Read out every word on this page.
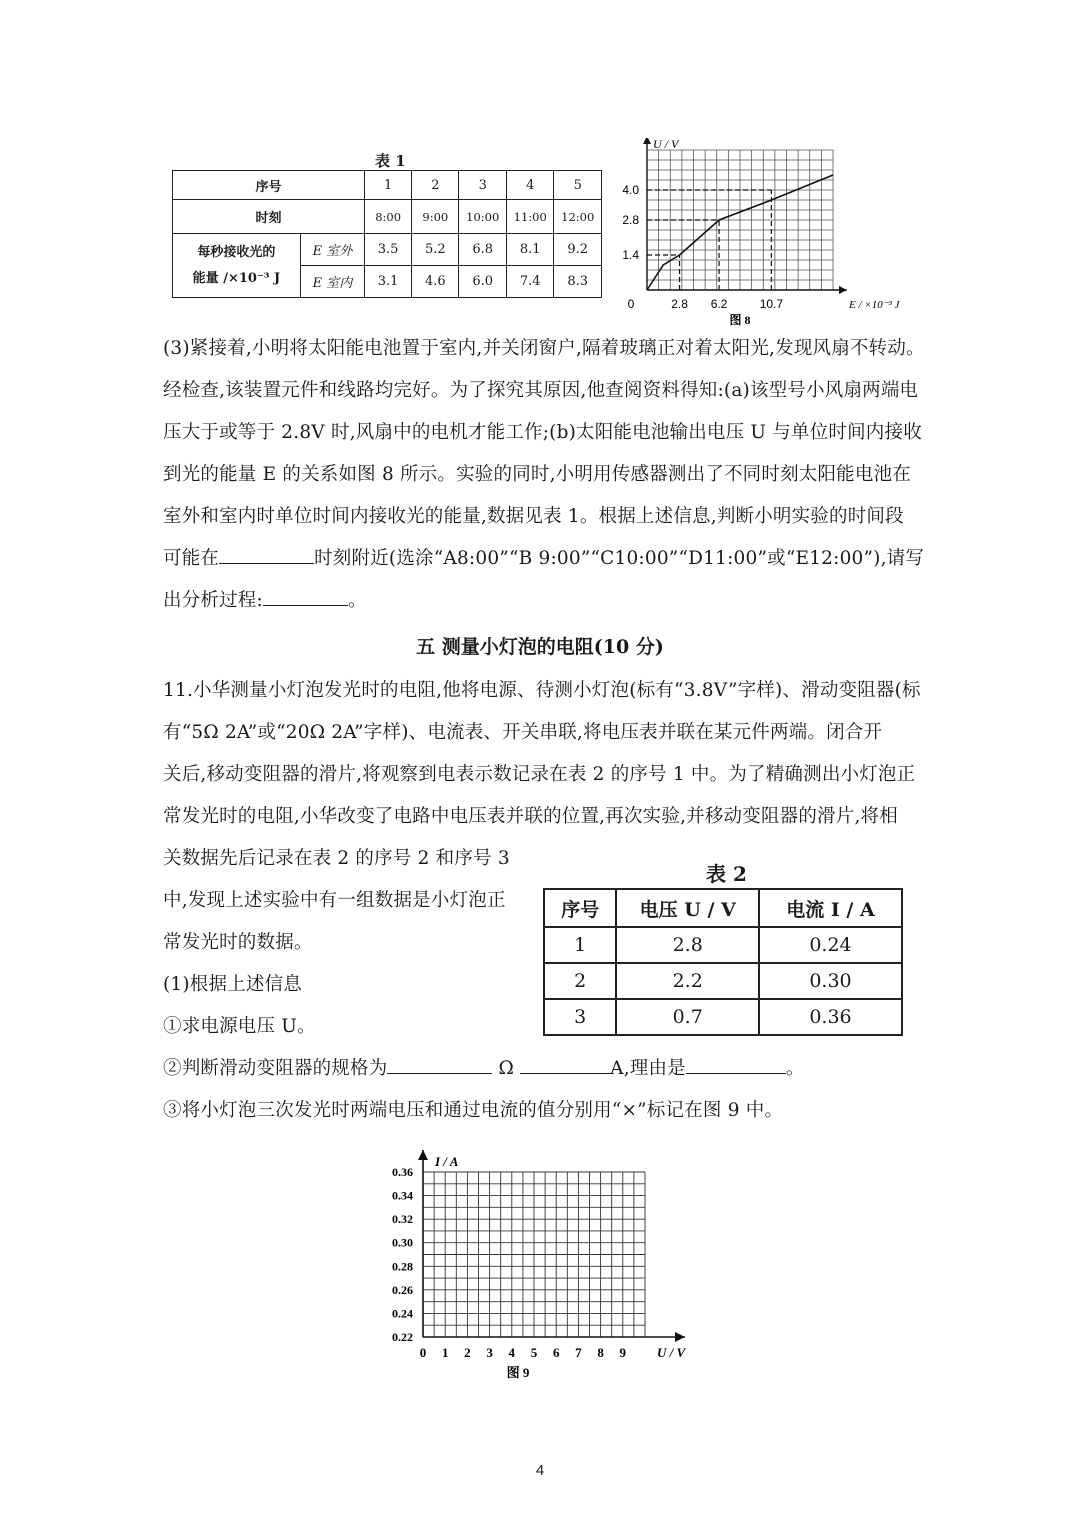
表 1
序号		1	2	3	4	5
时刻		8:00	9:00	10:00	11:00	12:00

每秒接收光的
能量 /×10⁻³ J	E 室外	3.5	5.2	6.8	8.1	9.2
	E 室内	3.1	4.6	6.0	7.4	8.3
2.8 6.2	10.7
1.4
2.8
4.0
0
U / V
E / ×10⁻³ J
图 8
(3)紧接着,小明将太阳能电池置于室内,并关闭窗户,隔着玻璃正对着太阳光,发现风扇不转动。
经检查,该装置元件和线路均完好。为了探究其原因,他查阅资料得知:(a)该型号小风扇两端电
压大于或等于 2.8V 时,风扇中的电机才能工作;(b)太阳能电池输出电压 U 与单位时间内接收
到光的能量 E 的关系如图 8 所示。实验的同时,小明用传感器测出了不同时刻太阳能电池在
室外和室内时单位时间内接收光的能量,数据见表 1。根据上述信息,判断小明实验的时间段
可能在	时刻附近(选涂“A8:00”“B 9:00”“C10:00”“D11:00”或“E12:00”),请写
出分析过程:	。
五 测量小灯泡的电阻(10 分)
11.小华测量小灯泡发光时的电阻,他将电源、待测小灯泡(标有“3.8V”字样)、滑动变阻器(标
有“5Ω 2A”或“20Ω 2A”字样)、电流表、开关串联,将电压表并联在某元件两端。闭合开
关后,移动变阻器的滑片,将观察到电表示数记录在表 2 的序号 1 中。为了精确测出小灯泡正
常发光时的电阻,小华改变了电路中电压表并联的位置,再次实验,并移动变阻器的滑片,将相
关数据先后记录在表 2 的序号 2 和序号 3
中,发现上述实验中有一组数据是小灯泡正
常发光时的数据。
(1)根据上述信息
①求电源电压 U。
②判断滑动变阻器的规格为	Ω	A,理由是	。
③将小灯泡三次发光时两端电压和通过电流的值分别用“×”标记在图 9 中。
表 2
序号	电压 U / V	电流 I / A
1	2.8	0.24
2	2.2	0.30
3	0.7	0.36
0 1 2 3 4 5 6 7 8 9
0.22
0.24
0.26
0.28
0.30
0.32
0.34
0.36
I / A
U / V
图 9
4
